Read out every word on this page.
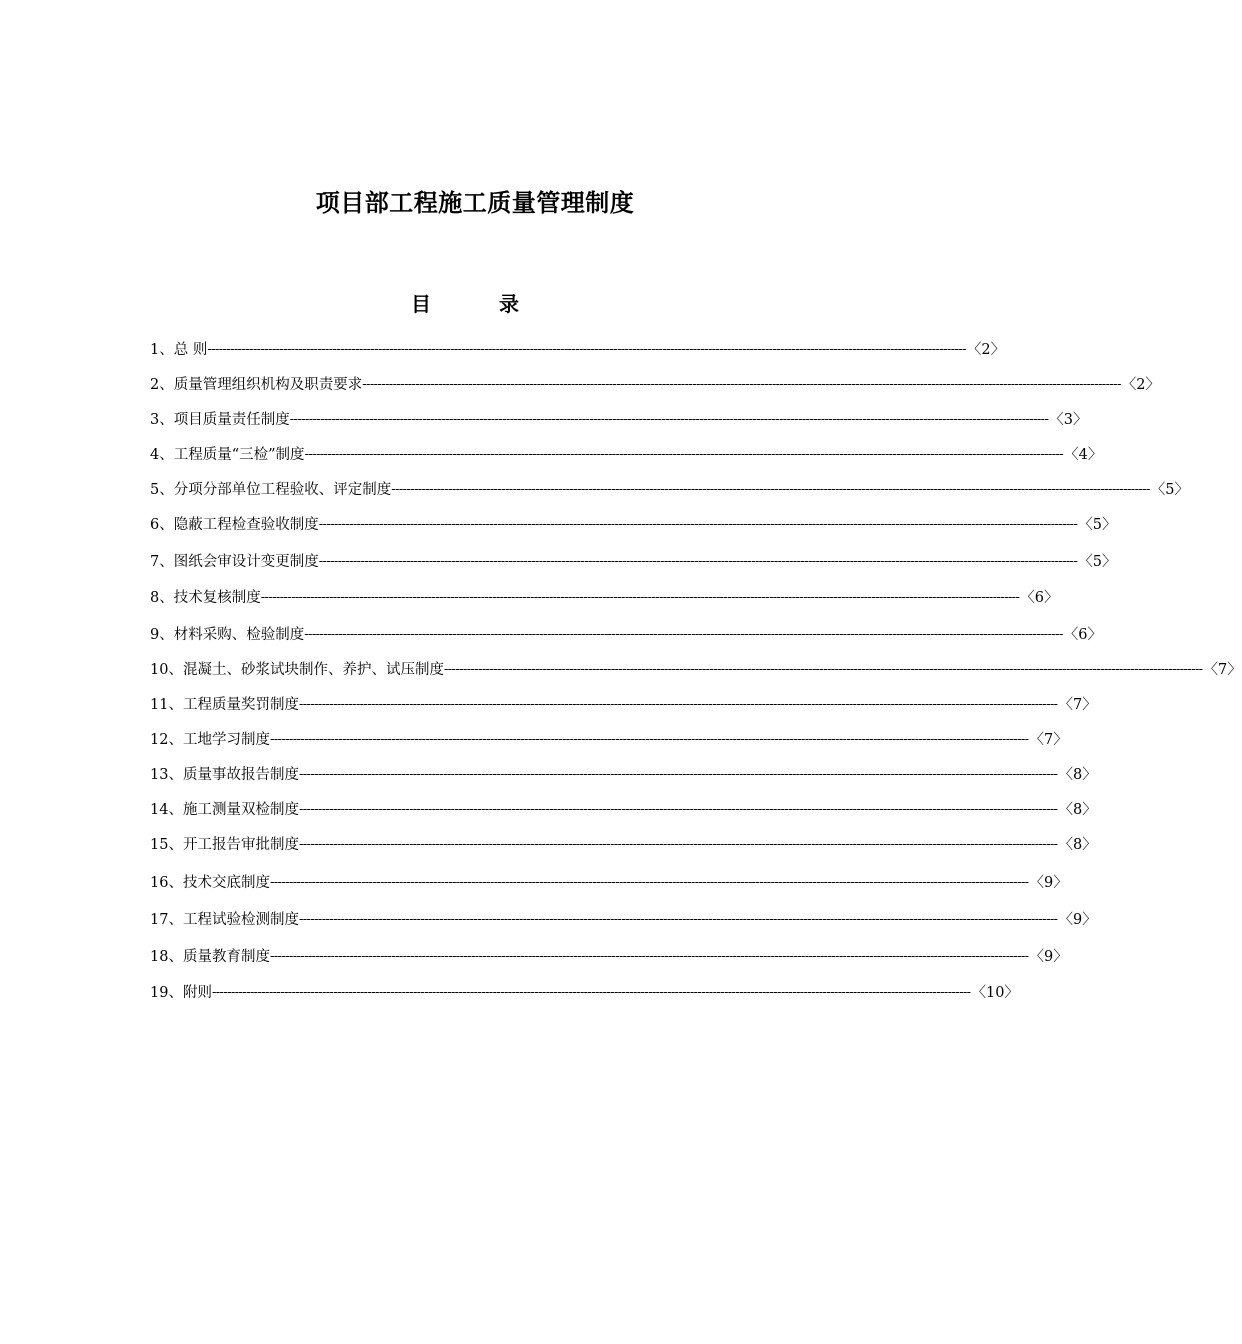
项目部工程施工质量管理制度
目	录
1、总 则 -------------------------------------------------------------------------------------------------------------------------------------------------------------------------------------------------------- 〈2〉
2、质量管理组织机构及职责要求 -------------------------------------------------------------------------------------------------------------------------------------------------------------------------------------------------------- 〈2〉
3、项目质量责任制度 -------------------------------------------------------------------------------------------------------------------------------------------------------------------------------------------------------- 〈3〉
4、工程质量“三检”制度 -------------------------------------------------------------------------------------------------------------------------------------------------------------------------------------------------------- 〈4〉
5、分项分部单位工程验收、评定制度 -------------------------------------------------------------------------------------------------------------------------------------------------------------------------------------------------------- 〈5〉
6、隐蔽工程检查验收制度 -------------------------------------------------------------------------------------------------------------------------------------------------------------------------------------------------------- 〈5〉
7、图纸会审设计变更制度 -------------------------------------------------------------------------------------------------------------------------------------------------------------------------------------------------------- 〈5〉
8、技术复核制度 -------------------------------------------------------------------------------------------------------------------------------------------------------------------------------------------------------- 〈6〉
9、材料采购、检验制度 -------------------------------------------------------------------------------------------------------------------------------------------------------------------------------------------------------- 〈6〉
10、混凝土、砂浆试块制作、养护、试压制度 -------------------------------------------------------------------------------------------------------------------------------------------------------------------------------------------------------- 〈7〉
11、工程质量奖罚制度 -------------------------------------------------------------------------------------------------------------------------------------------------------------------------------------------------------- 〈7〉
12、工地学习制度 -------------------------------------------------------------------------------------------------------------------------------------------------------------------------------------------------------- 〈7〉
13、质量事故报告制度 -------------------------------------------------------------------------------------------------------------------------------------------------------------------------------------------------------- 〈8〉
14、施工测量双检制度 -------------------------------------------------------------------------------------------------------------------------------------------------------------------------------------------------------- 〈8〉
15、开工报告审批制度 -------------------------------------------------------------------------------------------------------------------------------------------------------------------------------------------------------- 〈8〉
16、技术交底制度 -------------------------------------------------------------------------------------------------------------------------------------------------------------------------------------------------------- 〈9〉
17、工程试验检测制度 -------------------------------------------------------------------------------------------------------------------------------------------------------------------------------------------------------- 〈9〉
18、质量教育制度 -------------------------------------------------------------------------------------------------------------------------------------------------------------------------------------------------------- 〈9〉
19、附则 -------------------------------------------------------------------------------------------------------------------------------------------------------------------------------------------------------- 〈10〉
